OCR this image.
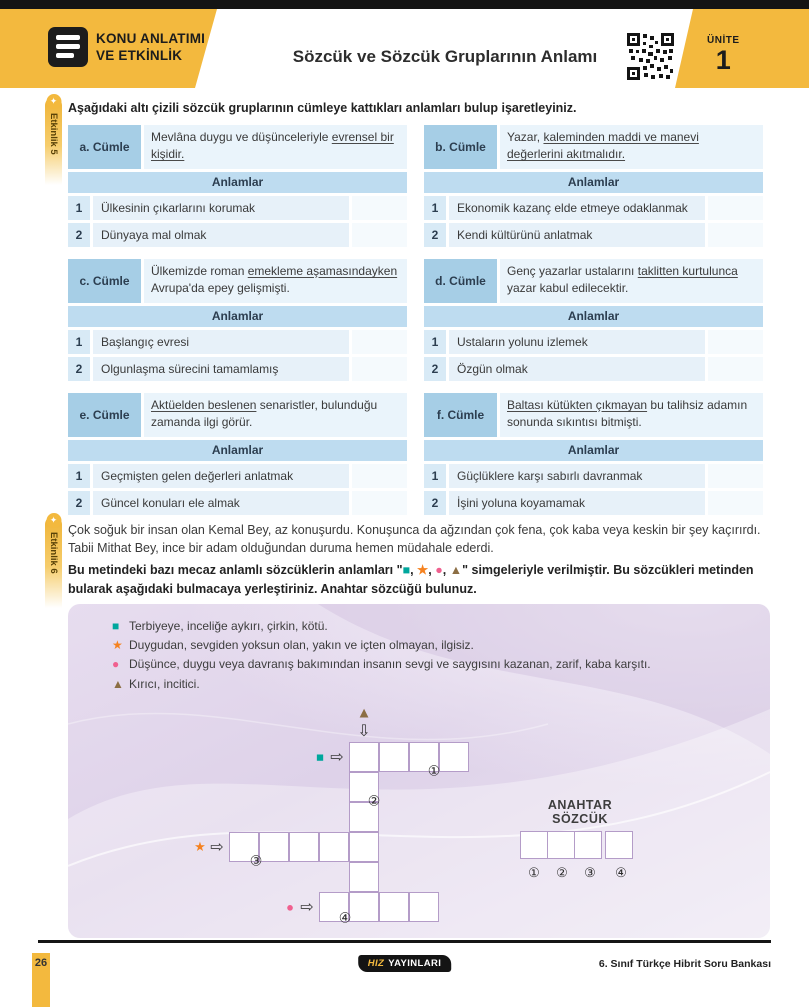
KONU ANLATIMI
VE ETKİNLİK	Sözcük ve Sözcük Gruplarının Anlamı
ÜNİTE
1
✦
Etkinlik 5
Aşağıdaki altı çizili sözcük gruplarının cümleye kattıkları anlamları bulup işaretleyiniz.
a. Cümle
Mevlâna duygu ve düşünceleriyle evrensel bir kişidir.
Anlamlar
1	Ülkesinin çıkarlarını korumak
2	Dünyaya mal olmak
b. Cümle
Yazar, kaleminden maddi ve manevi değerlerini akıtmalıdır.
Anlamlar
1	Ekonomik kazanç elde etmeye odaklanmak
2	Kendi kültürünü anlatmak
c. Cümle
Ülkemizde roman emekleme aşamasındayken Avrupa'da epey gelişmişti.
Anlamlar
1	Başlangıç evresi
2	Olgunlaşma sürecini tamamlamış
d. Cümle
Genç yazarlar ustalarını taklitten kurtulunca yazar kabul edilecektir.
Anlamlar
1	Ustaların yolunu izlemek
2	Özgün olmak
e. Cümle
Aktüelden beslenen senaristler, bulunduğu zamanda ilgi görür.
Anlamlar
1	Geçmişten gelen değerleri anlatmak
2	Güncel konuları ele almak
f. Cümle
Baltası kütükten çıkmayan bu talihsiz adamın sonunda sıkıntısı bitmişti.
Anlamlar
1	Güçlüklere karşı sabırlı davranmak
2	İşini yoluna koyamamak
✦
Etkinlik 6
Çok soğuk bir insan olan Kemal Bey, az konuşurdu. Konuşunca da ağzından çok fena, çok kaba veya keskin bir şey kaçırırdı. Tabii Mithat Bey, ince bir adam olduğundan duruma hemen müdahale ederdi.
Bu metindeki bazı mecaz anlamlı sözcüklerin anlamları "■, ★, ●, ▲" simgeleriyle verilmiştir. Bu sözcükleri metinden bularak aşağıdaki bulmacaya yerleştiriniz. Anahtar sözcüğü bulunuz.
■ Terbiyeye, inceliğe aykırı, çirkin, kötü.
★ Duygudan, sevgiden yoksun olan, yakın ve içten olmayan, ilgisiz.
● Düşünce, duygu veya davranış bakımından insanın sevgi ve saygısını kazanan, zarif, kaba karşıtı.
▲ Kırıcı, incitici.
▲
⇩
■ ⇨
★ ⇨
● ⇨
①
②
③
④
ANAHTAR SÖZCÜK
①	②	③	④
26	HIZ YAYINLARI	6. Sınıf Türkçe Hibrit Soru Bankası
